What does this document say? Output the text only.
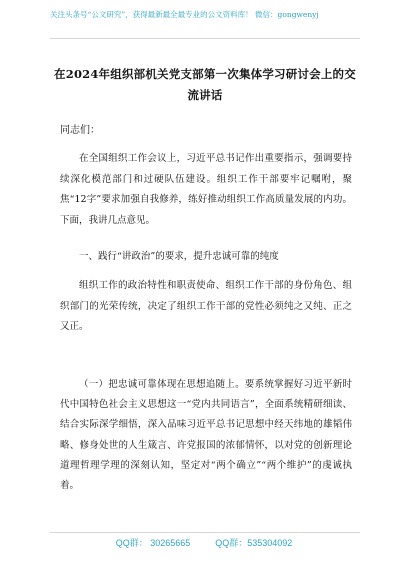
关注头条号“公文研究”，获得最新最全最专业的公文资料库！ 微信：gongwenyj
在2024年组织部机关党支部第一次集体学习研讨会上的交流讲话
同志们：
在全国组织工作会议上，习近平总书记作出重要指示，强调要持续深化模范部门和过硬队伍建设。组织工作干部要牢记嘱咐，聚焦“12字”要求加强自我修养，练好推动组织工作高质量发展的内功。下面，我讲几点意见。
一、践行“讲政治”的要求，提升忠诚可靠的纯度
组织工作的政治特性和职责使命、组织工作干部的身份角色、组织部门的光荣传统，决定了组织工作干部的党性必须纯之又纯、正之又正。
（一）把忠诚可靠体现在思想追随上。要系统掌握好习近平新时代中国特色社会主义思想这一“党内共同语言”，全面系统精研细读、结合实际深学细悟，深入品味习近平总书记思想中经天纬地的雄韬伟略、修身处世的人生箴言、许党报国的浓郁情怀，以对党的创新理论道理哲理学理的深刻认知，坚定对“两个确立”“两个维护”的虔诚执着。
QQ群： 30265665          QQ群：535304092
